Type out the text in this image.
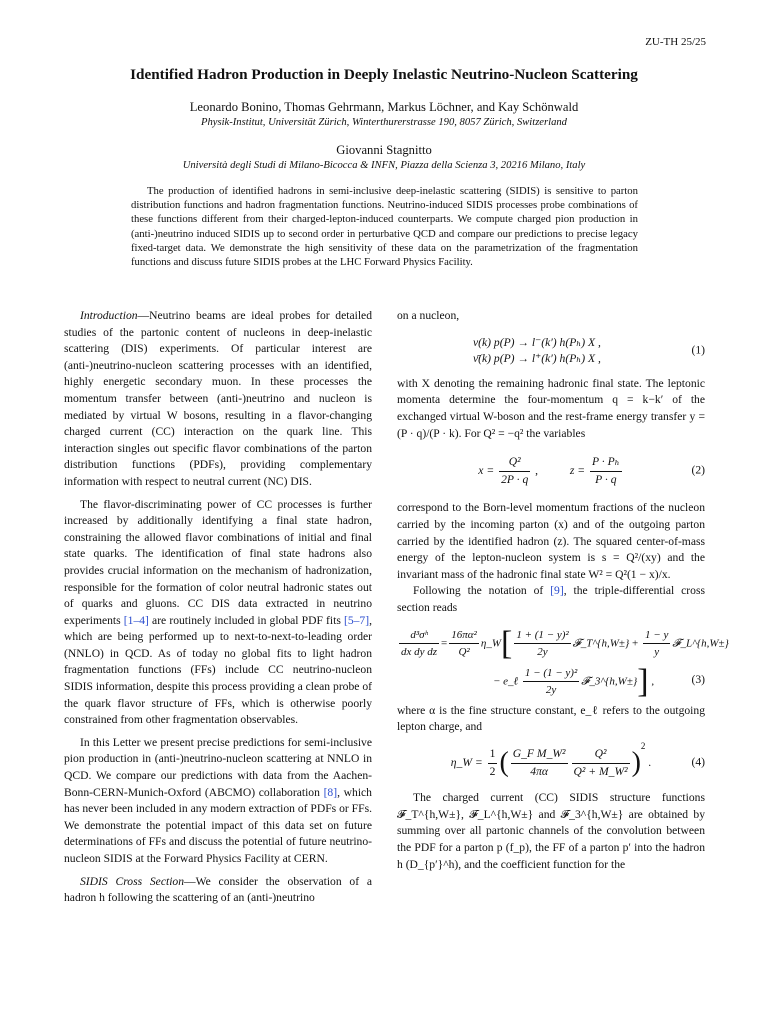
ZU-TH 25/25
Identified Hadron Production in Deeply Inelastic Neutrino-Nucleon Scattering
Leonardo Bonino, Thomas Gehrmann, Markus Löchner, and Kay Schönwald
Physik-Institut, Universität Zürich, Winterthurerstrasse 190, 8057 Zürich, Switzerland
Giovanni Stagnitto
Università degli Studi di Milano-Bicocca & INFN, Piazza della Scienza 3, 20216 Milano, Italy
The production of identified hadrons in semi-inclusive deep-inelastic scattering (SIDIS) is sensitive to parton distribution functions and hadron fragmentation functions. Neutrino-induced SIDIS processes probe combinations of these functions different from their charged-lepton-induced counterparts. We compute charged pion production in (anti-)neutrino induced SIDIS up to second order in perturbative QCD and compare our predictions to precise legacy fixed-target data. We demonstrate the high sensitivity of these data on the parametrization of the fragmentation functions and discuss future SIDIS probes at the LHC Forward Physics Facility.

Introduction—Neutrino beams are ideal probes for detailed studies of the partonic content of nucleons in deep-inelastic scattering (DIS) experiments. Of particular interest are (anti-)neutrino-nucleon scattering processes with an identified, highly energetic secondary muon. In these processes the momentum transfer between (anti-)neutrino and nucleon is mediated by virtual W bosons, resulting in a flavor-changing charged current (CC) interaction on the quark line. This interaction singles out specific flavor combinations of the parton distribution functions (PDFs), providing complementary information with respect to neutral current (NC) DIS.

The flavor-discriminating power of CC processes is further increased by additionally identifying a final state hadron, constraining the allowed flavor combinations of initial and final state quarks. The identification of final state hadrons also provides crucial information on the mechanism of hadronization, responsible for the formation of color neutral hadronic states out of quarks and gluons. CC DIS data extracted in neutrino experiments [1–4] are routinely included in global PDF fits [5–7], which are being performed up to next-to-next-to-leading order (NNLO) in QCD. As of today no global fits to light hadron fragmentation functions (FFs) include CC neutrino-nucleon SIDIS information, despite this process providing a clean probe of the quark flavor structure of FFs, which is otherwise poorly constrained from other fragmentation observables.

In this Letter we present precise predictions for semi-inclusive pion production in (anti-)neutrino-nucleon scattering at NNLO in QCD. We compare our predictions with data from the Aachen-Bonn-CERN-Munich-Oxford (ABCMO) collaboration [8], which has never been included in any modern extraction of PDFs or FFs. We demonstrate the potential impact of this data set on future determinations of FFs and discuss the potential of future neutrino-nucleon SIDIS at the Forward Physics Facility at CERN.

SIDIS Cross Section—We consider the observation of a hadron h following the scattering of an (anti-)neutrino

on a nucleon,

ν(k) p(P) → l⁻(k′) h(Pₕ) X ,
ν̄(k) p(P) → l⁺(k′) h(Pₕ) X ,
(1)

with X denoting the remaining hadronic final state. The leptonic momenta determine the four-momentum q = k−k′ of the exchanged virtual W-boson and the rest-frame energy transfer y = (P · q)/(P · k). For Q² = −q² the variables

$x = \frac{\text{Q²}}{2P \cdot q}$ ,	$z = \frac{\text{P · Pₕ}}{P \cdot q}$	(2)

correspond to the Born-level momentum fractions of the nucleon carried by the incoming parton (x) and of the outgoing parton carried by the identified hadron (z). The squared center-of-mass energy of the lepton-nucleon system is s = Q²/(xy) and the invariant mass of the hadronic final state W² = Q²(1 − x)/x.

Following the notation of [9], the triple-differential cross section reads

$\frac{\text{d³σʰ}}{\text{dx dy dz}} = \frac{\text{16πα²}}{\text{Q²}}$ η_W[ $\frac{\text{1 + (1 − y)²}}{2y}$ 𝓕_T^{h,W±} + $\frac{1 - y}{y}$ 𝓕_L^{h,W±}
− e_ℓ $\frac{\text{1 − (1 − y)²}}{2y}$ 𝓕_3^{h,W±}] ,	(3)

where α is the fine structure constant, e_ℓ refers to the outgoing lepton charge, and

η_W = $\frac{1}{2}$ ( $\frac{\text{G\_F M\_W²}}{4\pi\alpha} \frac{\text{Q²}}{\text{Q² + M\_W²}} )^2$ .	(4)

The charged current (CC) SIDIS structure functions 𝓕_T^{h,W±}, 𝓕_L^{h,W±} and 𝓕_3^{h,W±} are obtained by summing over all partonic channels of the convolution between the PDF for a parton p (f_p), the FF of a parton p′ into the hadron h (D_{p′}^h), and the coefficient function for the
